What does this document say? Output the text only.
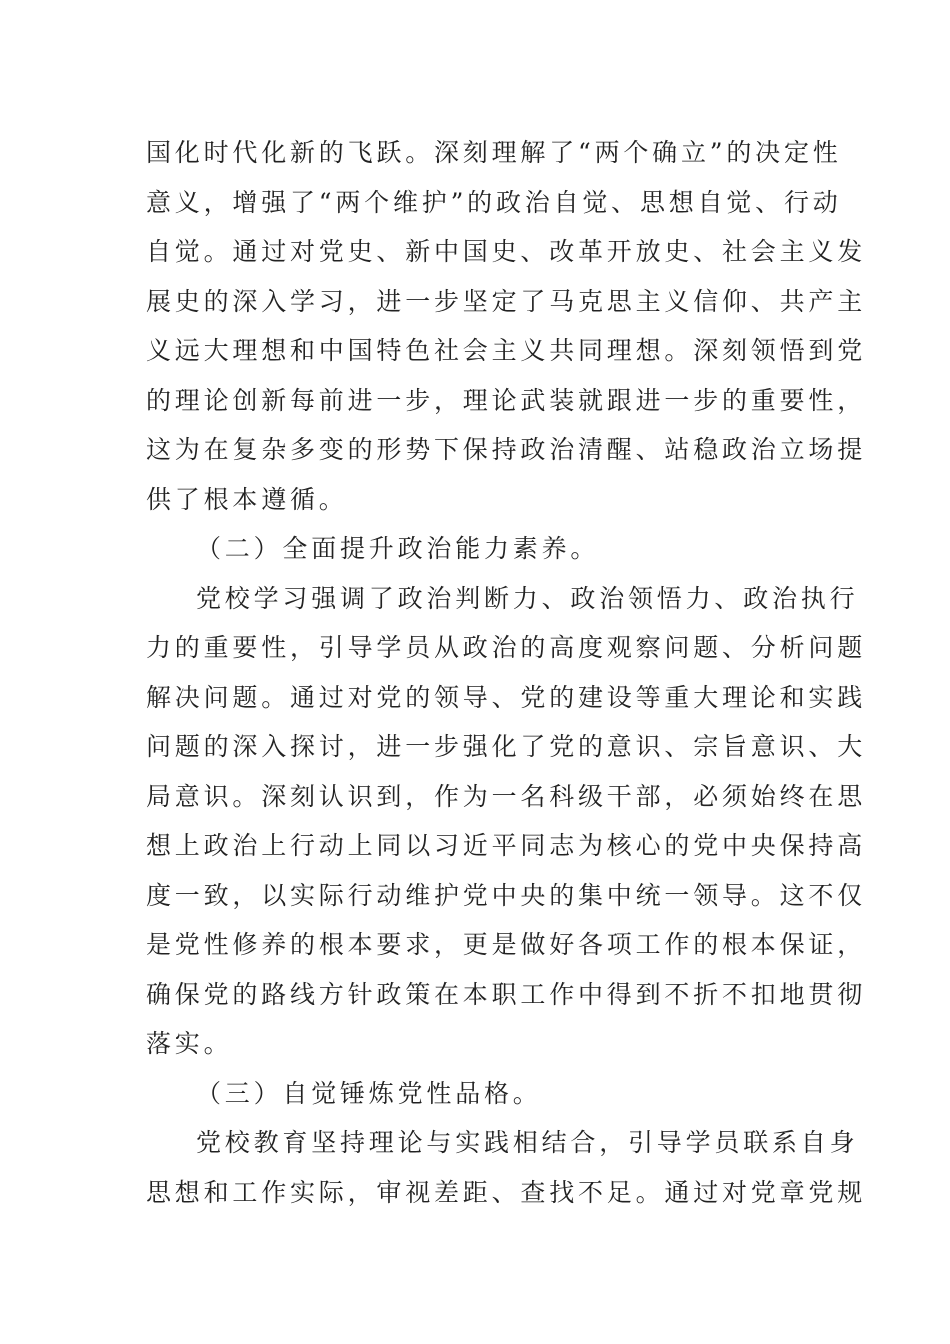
国化时代化新的飞跃。深刻理解了“两个确立”的决定性
意义，增强了“两个维护”的政治自觉、思想自觉、行动
自觉。通过对党史、新中国史、改革开放史、社会主义发
展史的深入学习，进一步坚定了马克思主义信仰、共产主
义远大理想和中国特色社会主义共同理想。深刻领悟到党
的理论创新每前进一步，理论武装就跟进一步的重要性，
这为在复杂多变的形势下保持政治清醒、站稳政治立场提
供了根本遵循。

（二）全面提升政治能力素养。

党校学习强调了政治判断力、政治领悟力、政治执行
力的重要性，引导学员从政治的高度观察问题、分析问题
解决问题。通过对党的领导、党的建设等重大理论和实践
问题的深入探讨，进一步强化了党的意识、宗旨意识、大
局意识。深刻认识到，作为一名科级干部，必须始终在思
想上政治上行动上同以习近平同志为核心的党中央保持高
度一致，以实际行动维护党中央的集中统一领导。这不仅
是党性修养的根本要求，更是做好各项工作的根本保证，
确保党的路线方针政策在本职工作中得到不折不扣地贯彻
落实。

（三）自觉锤炼党性品格。

党校教育坚持理论与实践相结合，引导学员联系自身
思想和工作实际，审视差距、查找不足。通过对党章党规
